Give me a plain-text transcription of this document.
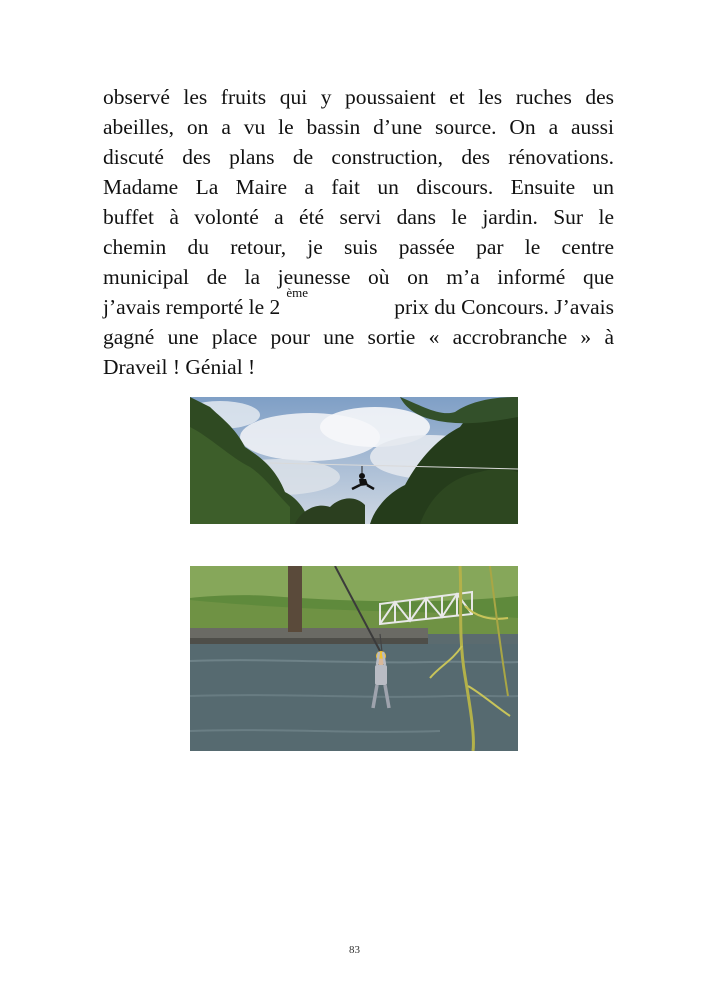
observé les fruits qui y poussaient et les ruches des
abeilles, on a vu le bassin d’une source. On a aussi
discuté des plans de construction, des rénovations.
Madame La Maire a fait un discours. Ensuite un
buffet à volonté a été servi dans le jardin. Sur le
chemin du retour, je suis passée par le centre
municipal de la jeunesse où on m’a informé que
j’avais remporté le 2ème
prix du Concours. J’avais
gagné une place pour une sortie « accrobranche » à
Draveil ! Génial !
83
